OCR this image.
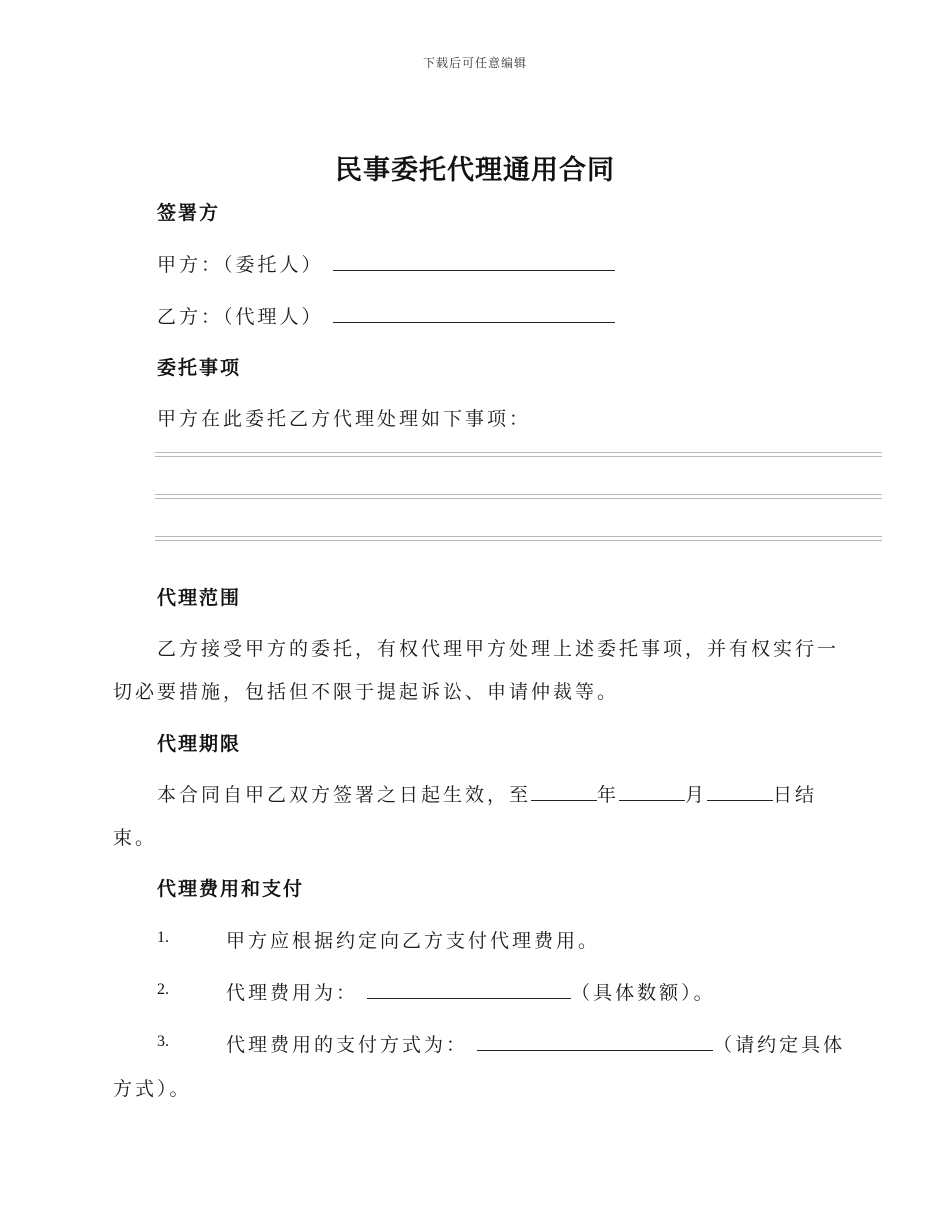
下载后可任意编辑
民事委托代理通用合同
签署方
甲方：（委托人）
乙方：（代理人）
委托事项
甲方在此委托乙方代理处理如下事项：
代理范围
乙方接受甲方的委托，有权代理甲方处理上述委托事项，并有权实行一
切必要措施，包括但不限于提起诉讼、申请仲裁等。
代理期限
本合同自甲乙双方签署之日起生效，至	年	月	日结
束。
代理费用和支付
1.	甲方应根据约定向乙方支付代理费用。
2.	代理费用为：	（具体数额）。
3.	代理费用的支付方式为：	（请约定具体
方式）。
